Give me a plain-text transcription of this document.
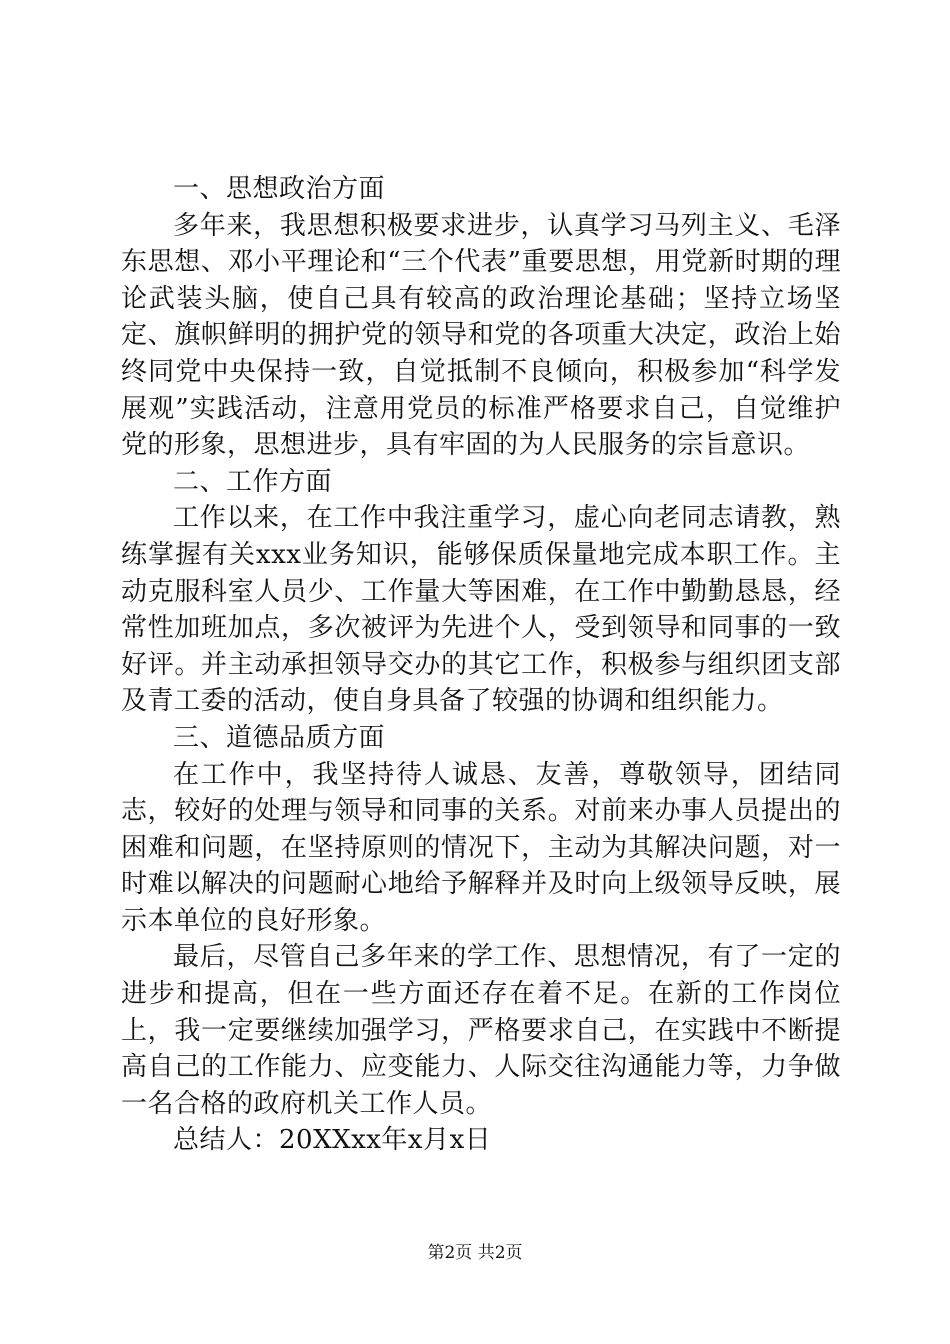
一、思想政治方面

多年来，我思想积极要求进步，认真学习马列主义、毛泽东思想、邓小平理论和“三个代表”重要思想，用党新时期的理论武装头脑，使自己具有较高的政治理论基础；坚持立场坚定、旗帜鲜明的拥护党的领导和党的各项重大决定，政治上始终同党中央保持一致，自觉抵制不良倾向，积极参加“科学发展观”实践活动，注意用党员的标准严格要求自己，自觉维护党的形象，思想进步，具有牢固的为人民服务的宗旨意识。

二、工作方面

工作以来，在工作中我注重学习，虚心向老同志请教，熟练掌握有关xxx业务知识，能够保质保量地完成本职工作。主动克服科室人员少、工作量大等困难，在工作中勤勤恳恳，经常性加班加点，多次被评为先进个人，受到领导和同事的一致好评。并主动承担领导交办的其它工作，积极参与组织团支部及青工委的活动，使自身具备了较强的协调和组织能力。

三、道德品质方面

在工作中，我坚持待人诚恳、友善，尊敬领导，团结同志，较好的处理与领导和同事的关系。对前来办事人员提出的困难和问题，在坚持原则的情况下，主动为其解决问题，对一时难以解决的问题耐心地给予解释并及时向上级领导反映，展示本单位的良好形象。

最后，尽管自己多年来的学工作、思想情况，有了一定的进步和提高，但在一些方面还存在着不足。在新的工作岗位上，我一定要继续加强学习，严格要求自己，在实践中不断提高自己的工作能力、应变能力、人际交往沟通能力等，力争做一名合格的政府机关工作人员。

总结人：20XXxx年x月x日

第2页 共2页
